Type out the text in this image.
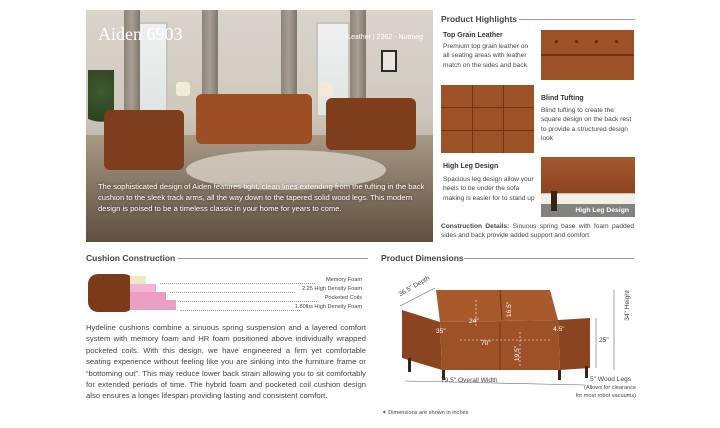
Aiden 6903	Leather | 2362 - Nutmeg
The sophisticated design of Aiden features tight, clean lines extending from the tufting in the back cushion to the sleek track arms, all the way down to the tapered solid wood legs. This modern design is poised to be a timeless classic in your home for years to come.
Product Highlights
Top Grain Leather
Premium top grain leather on all seating areas with leather match on the sides and back
Blind Tufting
Blind tufting to create the square design on the back rest to provide a structured design look
High Leg Design
Spacious leg design allow your heels to be under the sofa making is easier for to stand up
High Leg Design
Construction Details: Sinuous spring base with foam padded sides and back provide added support and comfort
Cushion Construction
Memory Foam
2.25 High Density Foam
Pocketed Coils
1.80lbs High Density Foam
Hydeline cushions combine a sinuous spring suspension and a layered comfort system with memory foam and HR foam positioned above individually wrapped pocketed coils. With this design, we have engineered a firm yet comfortable seating experience without feeling like you are sinking into the furniture frame or “bottoming out”. This may reduce lower back strain allowing you to sit comfortably for extended periods of time. The hybrid foam and pocketed coil cushion design also ensures a longer lifespan providing lasting and consistent comfort.
Product Dimensions
36.5" Depth
34" Height
25"
4.5"
35"
70"
24"
16.5"
19.5"
79.5" Overall Width	5" Wood Legs
(Allows for clearance
for most robot vacuums)
✦ Dimensions are shown in inches
